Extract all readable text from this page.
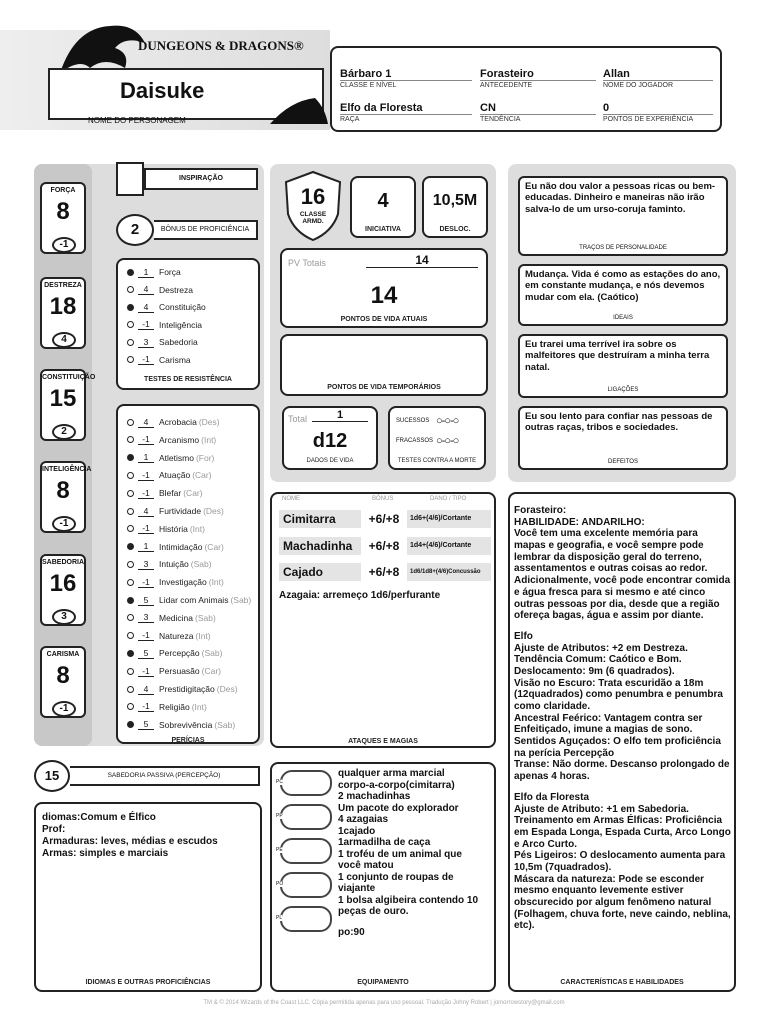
DUNGEONS & DRAGONS®
Daisuke
NOME DO PERSONAGEM
Bárbaro 1
CLASSE E NÍVEL
Forasteiro
ANTECEDENTE
Allan
NOME DO JOGADOR
Elfo da Floresta
RAÇA
CN
TENDÊNCIA
0
PONTOS DE EXPERIÊNCIA
FORÇA
8
-1
DESTREZA
18
4
CONSTITUIÇÃO
15
2
INTELIGÊNCIA
8
-1
SABEDORIA
16
3
CARISMA
8
-1
INSPIRAÇÃO
2	BÔNUS DE PROFICIÊNCIA
1	Força
4	Destreza
4	Constituição
-1	Inteligência
3	Sabedoria
-1	Carisma
TESTES DE RESISTÊNCIA
4	Acrobacia (Des)
-1	Arcanismo (Int)
1	Atletismo (For)
-1	Atuação (Car)
-1	Blefar (Car)
4	Furtividade (Des)
-1	História (Int)
1	Intimidação (Car)
3	Intuição (Sab)
-1	Investigação (Int)
5	Lidar com Animais (Sab)
3	Medicina (Sab)
-1	Natureza (Int)
5	Percepção (Sab)
-1	Persuasão (Car)
4	Prestidigitação (Des)
-1	Religião (Int)
5	Sobrevivência (Sab)
PERÍCIAS
16
CLASSE ARMD.
4
INICIATIVA
10,5M
DESLOC.
PV Totais	14
14
PONTOS DE VIDA ATUAIS
PONTOS DE VIDA TEMPORÁRIOS
Total	1
d12
DADOS DE VIDA
SUCESSOS ○-○-○
FRACASSOS ○-○-○
TESTES CONTRA A MORTE
Eu não dou valor a pessoas ricas ou bem-educadas. Dinheiro e maneiras não irão salva-lo de um urso-coruja faminto.
TRAÇOS DE PERSONALIDADE
Mudança. Vida é como as estações do ano, em constante mudança, e nós devemos mudar com ela. (Caótico)
IDEAIS
Eu trarei uma terrível ira sobre os malfeitores que destruíram a minha terra natal.
LIGAÇÕES
Eu sou lento para confiar nas pessoas de outras raças, tribos e sociedades.
DEFEITOS
NOME	BÔNUS	DANO / TIPO
Cimitarra	+6/+8	1d6+(4/6)/Cortante
Machadinha	+6/+8	1d4+(4/6)/Cortante
Cajado	+6/+8	1d6/1d8+(4/6)Concussão
Azagaia: arremeço 1d6/perfurante
ATAQUES E MAGIAS
Forasteiro:
HABILIDADE: ANDARILHO:
Você tem uma excelente memória para mapas e geografia, e você sempre pode lembrar da disposição geral do terreno, assentamentos e outras coisas ao redor. Adicionalmente, você pode encontrar comida e água fresca para si mesmo e até cinco outras pessoas por dia, desde que a região ofereça bagas, água e assim por diante.
Elfo
Ajuste de Atributos: +2 em Destreza.
Tendência Comum: Caótico e Bom.
Deslocamento: 9m (6 quadrados).
Visão no Escuro: Trata escuridão a 18m (12quadrados) como penumbra e penumbra como claridade.
Ancestral Feérico: Vantagem contra ser Enfeitiçado, imune a magias de sono.
Sentidos Aguçados: O elfo tem proficiência na perícia Percepção
Transe: Não dorme. Descanso prolongado de apenas 4 horas.
Elfo da Floresta
Ajuste de Atributo: +1 em Sabedoria.
Treinamento em Armas Élficas: Proficiência em Espada Longa, Espada Curta, Arco Longo e Arco Curto.
Pés Ligeiros: O deslocamento aumenta para 10,5m (7quadrados).
Máscara da natureza: Pode se esconder mesmo enquanto levemente estiver obscurecido por algum fenômeno natural (Folhagem, chuva forte, neve caindo, neblina, etc).
CARACTERÍSTICAS E HABILIDADES
15	SABEDORIA PASSIVA (PERCEPÇÃO)
diomas:Comum e Élfico
Prof:
Armaduras: leves, médias e escudos
Armas: simples e marciais
IDIOMAS E OUTRAS PROFICIÊNCIAS
PC
PP
PE
PO
PL
qualquer arma marcial
corpo-a-corpo(cimitarra)
2 machadinhas
Um pacote do explorador
4 azagaias
1cajado
1armadilha de caça
1 troféu de um animal que
você matou
1 conjunto de roupas de
viajante
1 bolsa algibeira contendo 10
peças de ouro.
po:90
EQUIPAMENTO
TM & © 2014 Wizards of the Coast LLC. Cópia permitida apenas para uso pessoal. Tradução Johny Robert | jomorrowstory@gmail.com
